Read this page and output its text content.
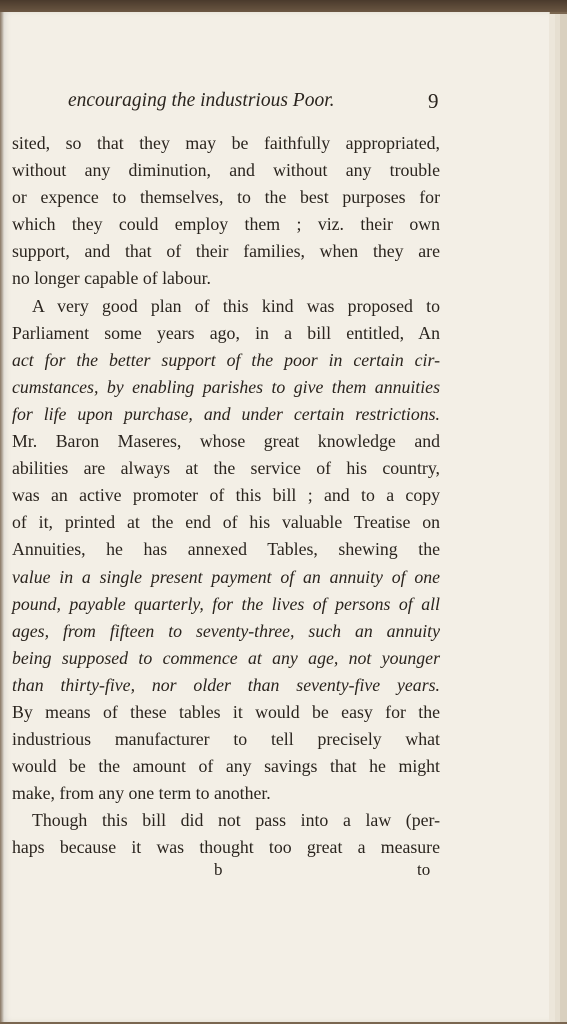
encouraging the industrious Poor.	9
sited, so that they may be faithfully appropriated,
without any diminution, and without any trouble
or expence to themselves, to the best purposes for
which they could employ them ; viz. their own
support, and that of their families, when they are
no longer capable of labour.
A very good plan of this kind was proposed to
Parliament some years ago, in a bill entitled, An
act for the better support of the poor in certain cir-
cumstances, by enabling parishes to give them annuities
for life upon purchase, and under certain restrictions.
Mr. Baron Maseres, whose great knowledge and
abilities are always at the service of his country,
was an active promoter of this bill ; and to a copy
of it, printed at the end of his valuable Treatise on
Annuities, he has annexed Tables, shewing the
value in a single present payment of an annuity of one
pound, payable quarterly, for the lives of persons of all
ages, from fifteen to seventy-three, such an annuity
being supposed to commence at any age, not younger
than thirty-five, nor older than seventy-five years.
By means of these tables it would be easy for the
industrious manufacturer to tell precisely what
would be the amount of any savings that he might
make, from any one term to another.
Though this bill did not pass into a law (per-
haps because it was thought too great a measure
b	to
